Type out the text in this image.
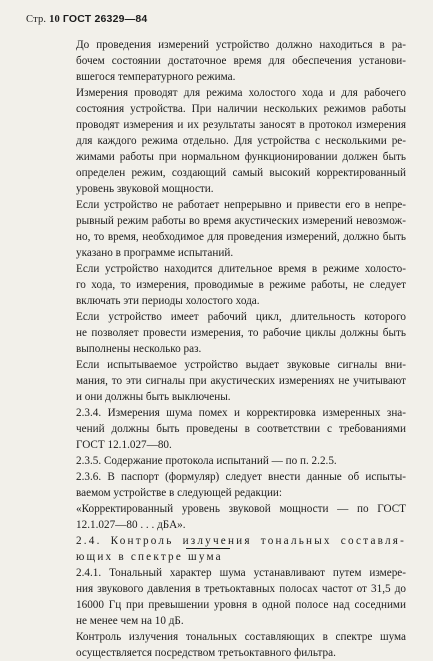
Стр. 10 ГОСТ 26329—84

До проведения измерений устройство должно находиться в ра-
бочем состоянии достаточное время для обеспечения установи-
вшегося температурного режима.

Измерения проводят для режима холостого хода и для рабочего
состояния устройства. При наличии нескольких режимов работы
проводят измерения и их результаты заносят в протокол измерения
для каждого режима отдельно. Для устройства с несколькими ре-
жимами работы при нормальном функционировании должен быть
определен режим, создающий самый высокий корректированный
уровень звуковой мощности.

Если устройство не работает непрерывно и привести его в непре-
рывный режим работы во время акустических измерений невозмож-
но, то время, необходимое для проведения измерений, должно быть
указано в программе испытаний.

Если устройство находится длительное время в режиме холосто-
го хода, то измерения, проводимые в режиме работы, не следует
включать эти периоды холостого хода.

Если устройство имеет рабочий цикл, длительность которого
не позволяет провести измерения, то рабочие циклы должны быть
выполнены несколько раз.

Если испытываемое устройство выдает звуковые сигналы вни-
мания, то эти сигналы при акустических измерениях не учитывают
и они должны быть выключены.

2.3.4. Измерения шума помех и корректировка измеренных зна-
чений должны быть проведены в соответствии с требованиями
ГОСТ 12.1.027—80.

2.3.5. Содержание протокола испытаний — по п. 2.2.5.

2.3.6. В паспорт (формуляр) следует внести данные об испыты-
ваемом устройстве в следующей редакции:

«Корректированный уровень звуковой мощности — по ГОСТ
12.1.027—80 . . . дБА».

2.4. Контроль излучения тональных составля-
ющих в спектре шума

2.4.1. Тональный характер шума устанавливают путем измере-
ния звукового давления в третьоктавных полосах частот от 31,5 до
16000 Гц при превышении уровня в одной полосе над соседними
не менее чем на 10 дБ.

Контроль излучения тональных составляющих в спектре шума
осуществляется посредством третьоктавного фильтра.
